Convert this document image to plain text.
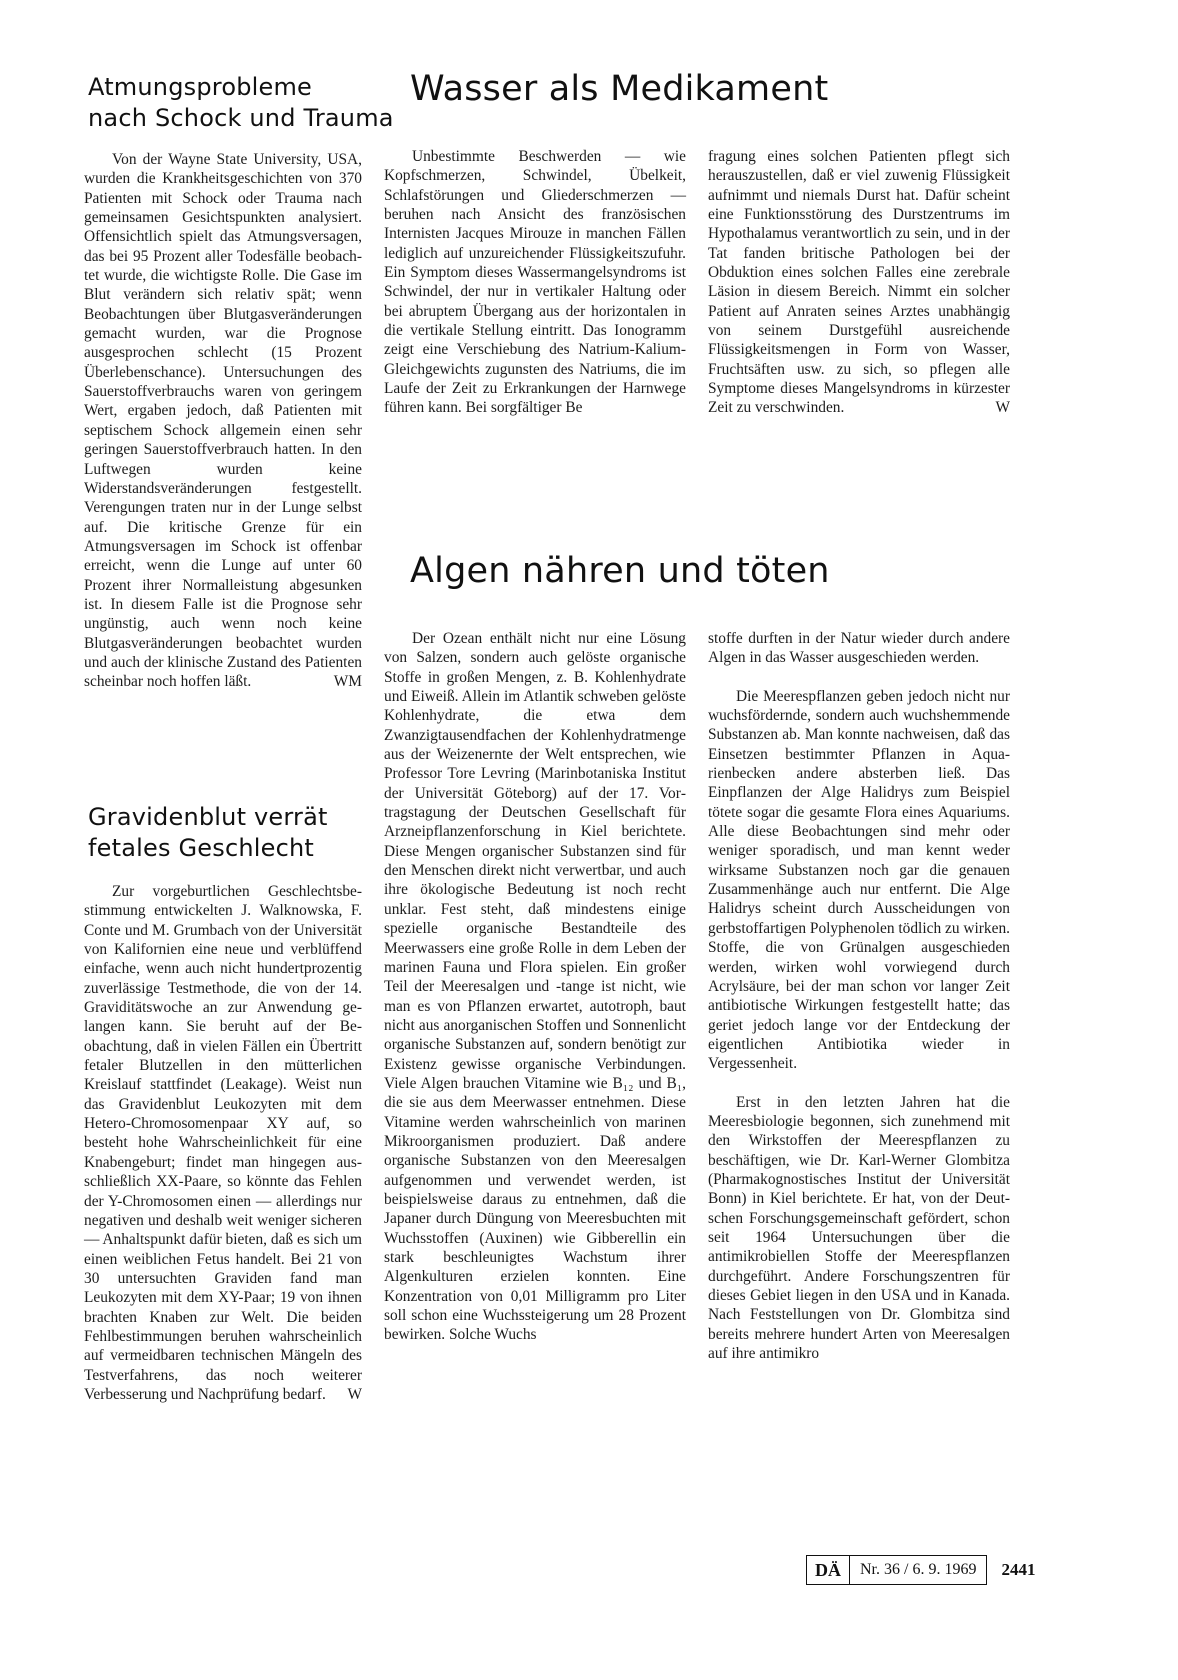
Atmungsprobleme
nach Schock und Trauma
Von der Wayne State University, USA, wurden die Krankheitsgeschichten von 370 Patienten mit Schock oder Trauma nach gemeinsamen Gesichtspunkten analysiert. Offensichtlich spielt das Atmungsversagen, das bei 95 Prozent aller Todesfälle beobachtet wurde, die wichtigste Rolle. Die Gase im Blut verändern sich relativ spät; wenn Beobachtungen über Blutgasveränderungen gemacht wurden, war die Prognose ausgesprochen schlecht (15 Prozent Überlebenschance). Untersuchungen des Sauerstoffverbrauchs waren von geringem Wert, ergaben jedoch, daß Patienten mit septischem Schock allgemein einen sehr geringen Sauerstoffverbrauch hatten. In den Luftwegen wurden keine Widerstandsveränderungen festgestellt. Verengungen traten nur in der Lunge selbst auf. Die kritische Grenze für ein Atmungsversagen im Schock ist offenbar erreicht, wenn die Lunge auf unter 60 Prozent ihrer Normalleistung abgesunken ist. In diesem Falle ist die Prognose sehr ungünstig, auch wenn noch keine Blutgasveränderungen beobachtet wurden und auch der klinische Zustand des Patienten scheinbar noch hoffen läßt.	WM
Gravidenblut verrät
fetales Geschlecht
Zur vorgeburtlichen Geschlechtsbestimmung entwickelten J. Walknowska, F. Conte und M. Grumbach von der Universität von Kalifornien eine neue und verblüffend einfache, wenn auch nicht hundertprozentig zuverlässige Testmethode, die von der 14. Graviditätswoche an zur Anwendung gelangen kann. Sie beruht auf der Beobachtung, daß in vielen Fällen ein Übertritt fetaler Blutzellen in den mütterlichen Kreislauf stattfindet (Leakage). Weist nun das Gravidenblut Leukozyten mit dem Hetero-Chromosomenpaar XY auf, so besteht hohe Wahrscheinlichkeit für eine Knabengeburt; findet man hingegen ausschließlich XX-Paare, so könnte das Fehlen der Y-Chromosomen einen — allerdings nur negativen und deshalb weit weniger sicheren — Anhaltspunkt dafür bieten, daß es sich um einen weiblichen Fetus handelt. Bei 21 von 30 untersuchten Graviden fand man Leukozyten mit dem XY-Paar; 19 von ihnen brachten Knaben zur Welt. Die beiden Fehlbestimmungen beruhen wahrscheinlich auf vermeidbaren technischen Mängeln des Testverfahrens, das noch weiterer Verbesserung und Nachprüfung bedarf. W
Wasser als Medikament
Unbestimmte Beschwerden — wie Kopfschmerzen, Schwindel, Übelkeit, Schlafstörungen und Gliederschmerzen — beruhen nach Ansicht des französischen Internisten Jacques Mirouze in manchen Fällen lediglich auf unzureichender Flüssigkeitszufuhr. Ein Symptom dieses Wassermangelsyndroms ist Schwindel, der nur in vertikaler Haltung oder bei abruptem Übergang aus der horizontalen in die vertikale Stellung eintritt. Das Ionogramm zeigt eine Verschiebung des Natrium-Kalium-Gleichgewichts zugunsten des Natriums, die im Laufe der Zeit zu Erkrankungen der Harnwege führen kann. Bei sorgfältiger Be
fragung eines solchen Patienten pflegt sich herauszustellen, daß er viel zuwenig Flüssigkeit aufnimmt und niemals Durst hat. Dafür scheint eine Funktionsstörung des Durstzentrums im Hypothalamus verantwortlich zu sein, und in der Tat fanden britische Pathologen bei der Obduktion eines solchen Falles eine zerebrale Läsion in diesem Bereich. Nimmt ein solcher Patient auf Anraten seines Arztes unabhängig von seinem Durstgefühl ausreichende Flüssigkeitsmengen in Form von Wasser, Fruchtsäften usw. zu sich, so pflegen alle Symptome dieses Mangelsyndroms in kürzester Zeit zu verschwinden.	W
Algen nähren und töten
Der Ozean enthält nicht nur eine Lösung von Salzen, sondern auch gelöste organische Stoffe in großen Mengen, z. B. Kohlenhydrate und Eiweiß. Allein im Atlantik schweben gelöste Kohlenhydrate, die etwa dem Zwanzigtausendfachen der Kohlenhydratmenge aus der Weizenernte der Welt entsprechen, wie Professor Tore Levring (Marinbotaniska Institut der Universität Göteborg) auf der 17. Vortragstagung der Deutschen Gesellschaft für Arzneipflanzenforschung in Kiel berichtete. Diese Mengen organischer Substanzen sind für den Menschen direkt nicht verwertbar, und auch ihre ökologische Bedeutung ist noch recht unklar. Fest steht, daß mindestens einige spezielle organische Bestandteile des Meerwassers eine große Rolle in dem Leben der marinen Fauna und Flora spielen. Ein großer Teil der Meeresalgen und -tange ist nicht, wie man es von Pflanzen erwartet, autotroph, baut nicht aus anorganischen Stoffen und Sonnenlicht organische Substanzen auf, sondern benötigt zur Existenz gewisse organische Verbindungen. Viele Algen brauchen Vitamine wie B₁₂ und B₁, die sie aus dem Meerwasser entnehmen. Diese Vitamine werden wahrscheinlich von marinen Mikroorganismen produziert. Daß andere organische Substanzen von den Meeresalgen aufgenommen und verwendet werden, ist beispielsweise daraus zu entnehmen, daß die Japaner durch Düngung von Meeresbuchten mit Wuchsstoffen (Auxinen) wie Gibberellin ein stark beschleunigtes Wachstum ihrer Algenkulturen erzielen konnten. Eine Konzentration von 0,01 Milligramm pro Liter soll schon eine Wuchssteigerung um 28 Prozent bewirken. Solche Wuchs
stoffe durften in der Natur wieder durch andere Algen in das Wasser ausgeschieden werden.
Die Meerespflanzen geben jedoch nicht nur wuchsfördernde, sondern auch wuchshemmende Substanzen ab. Man konnte nachweisen, daß das Einsetzen bestimmter Pflanzen in Aquarienbecken andere absterben ließ. Das Einpflanzen der Alge Halidrys zum Beispiel tötete sogar die gesamte Flora eines Aquariums. Alle diese Beobachtungen sind mehr oder weniger sporadisch, und man kennt weder wirksame Substanzen noch gar die genauen Zusammenhänge auch nur entfernt. Die Alge Halidrys scheint durch Ausscheidungen von gerbstoffartigen Polyphenolen tödlich zu wirken. Stoffe, die von Grünalgen ausgeschieden werden, wirken wohl vorwiegend durch Acrylsäure, bei der man schon vor langer Zeit antibiotische Wirkungen festgestellt hatte; das geriet jedoch lange vor der Entdeckung der eigentlichen Antibiotika wieder in Vergessenheit.
Erst in den letzten Jahren hat die Meeresbiologie begonnen, sich zunehmend mit den Wirkstoffen der Meerespflanzen zu beschäftigen, wie Dr. Karl-Werner Glombitza (Pharmakognostisches Institut der Universität Bonn) in Kiel berichtete. Er hat, von der Deutschen Forschungsgemeinschaft gefördert, schon seit 1964 Untersuchungen über die antimikrobiellen Stoffe der Meerespflanzen durchgeführt. Andere Forschungszentren für dieses Gebiet liegen in den USA und in Kanada. Nach Feststellungen von Dr. Glombitza sind bereits mehrere hundert Arten von Meeresalgen auf ihre antimikro
DÄ	Nr. 36 / 6. 9. 1969	2441
